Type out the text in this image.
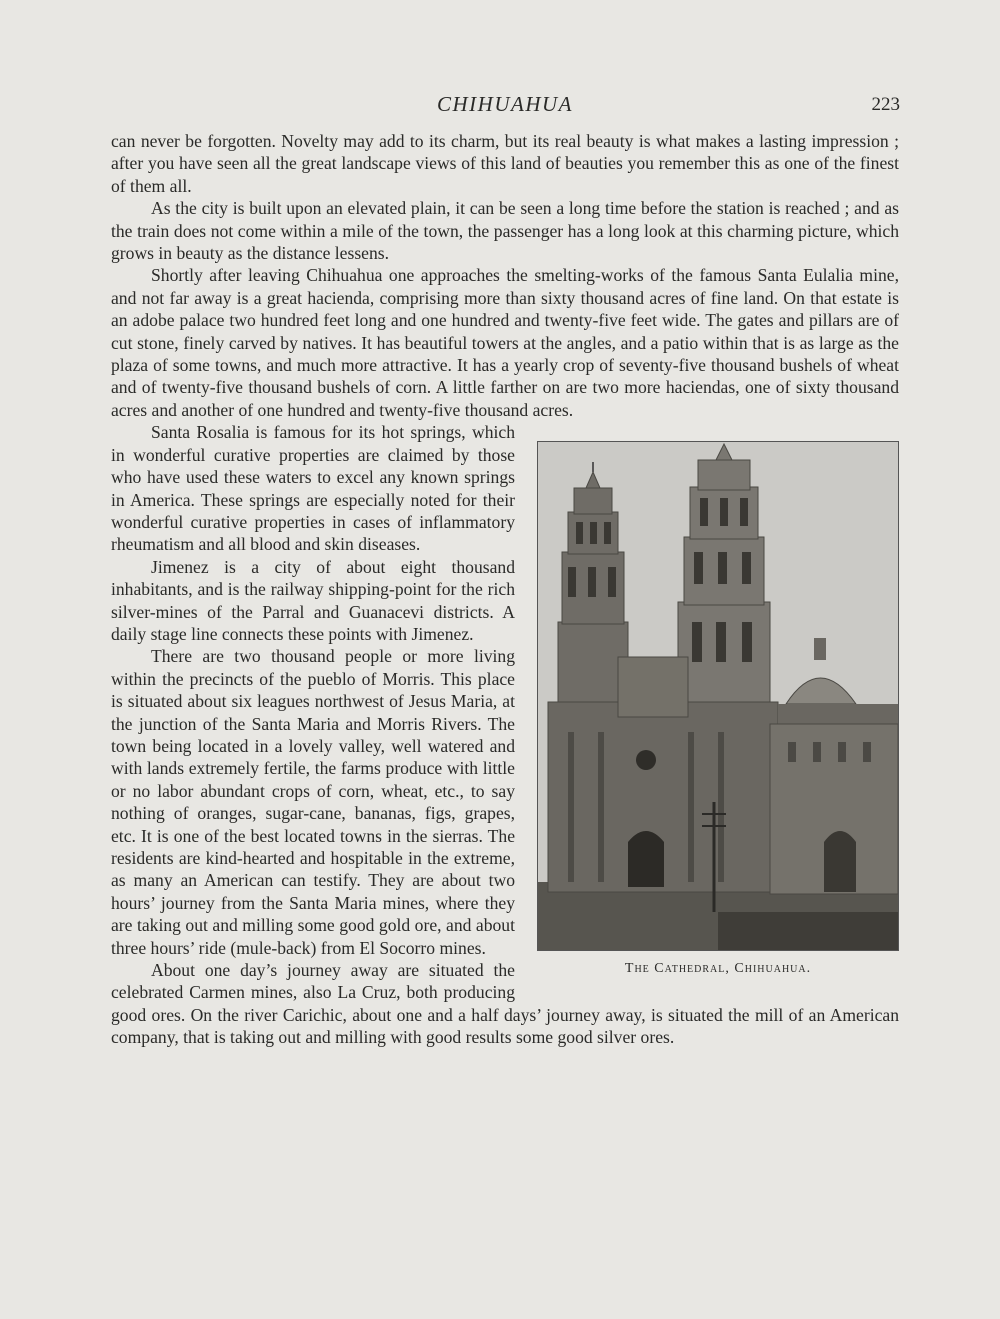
CHIHUAHUA	223

can never be forgotten. Novelty may add to its charm, but its real beauty is what makes a lasting impression ; after you have seen all the great landscape views of this land of beauties you remember this as one of the finest of them all.

As the city is built upon an elevated plain, it can be seen a long time before the station is reached ; and as the train does not come within a mile of the town, the passenger has a long look at this charming picture, which grows in beauty as the distance lessens.

Shortly after leaving Chihuahua one approaches the smelting-works of the famous Santa Eulalia mine, and not far away is a great hacienda, comprising more than sixty thousand acres of fine land. On that estate is an adobe palace two hundred feet long and one hundred and twenty-five feet wide. The gates and pillars are of cut stone, finely carved by natives. It has beautiful towers at the angles, and a patio within that is as large as the plaza of some towns, and much more attractive. It has a yearly crop of seventy-five thousand bushels of wheat and of twenty-five thousand bushels of corn. A little farther on are two more haciendas, one of sixty thousand acres and another of one hundred and twenty-five thousand acres.

The Cathedral, Chihuahua.

Santa Rosalia is famous for its hot springs, which in wonderful curative properties are claimed by those who have used these waters to excel any known springs in America. These springs are especially noted for their wonderful curative properties in cases of inflammatory rheumatism and all blood and skin diseases.

Jimenez is a city of about eight thousand inhabitants, and is the railway shipping-point for the rich silver-mines of the Parral and Guanacevi districts. A daily stage line connects these points with Jimenez.

There are two thousand people or more living within the precincts of the pueblo of Morris. This place is situated about six leagues northwest of Jesus Maria, at the junction of the Santa Maria and Morris Rivers. The town being located in a lovely valley, well watered and with lands extremely fertile, the farms produce with little or no labor abundant crops of corn, wheat, etc., to say nothing of oranges, sugar-cane, bananas, figs, grapes, etc. It is one of the best located towns in the sierras. The residents are kind-hearted and hospitable in the extreme, as many an American can testify. They are about two hours’ journey from the Santa Maria mines, where they are taking out and milling some good gold ore, and about three hours’ ride (mule-back) from El Socorro mines.

About one day’s journey away are situated the celebrated Carmen mines, also La Cruz, both producing good ores. On the river Carichic, about one and a half days’ journey away, is situated the mill of an American company, that is taking out and milling with good results some good silver ores.
